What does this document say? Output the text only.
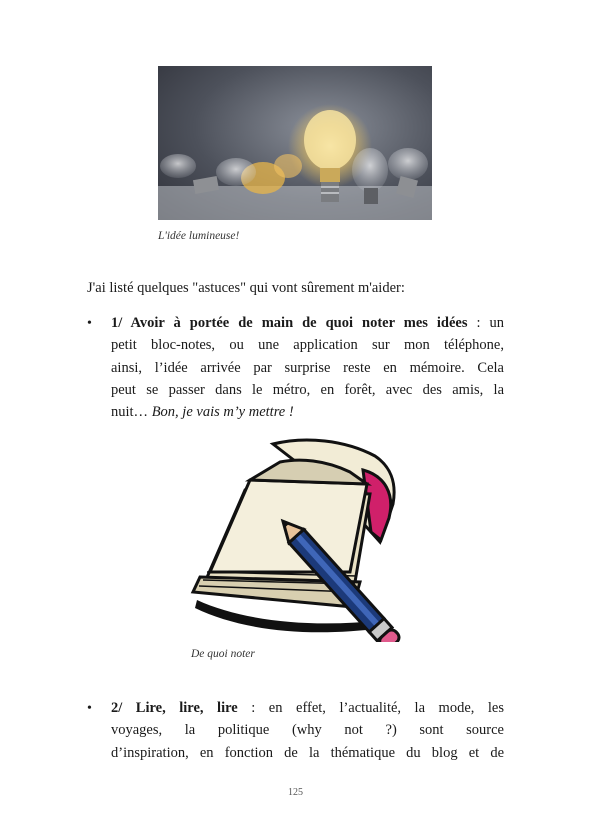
L'idée lumineuse!
J'ai listé quelques "astuces" qui vont sûrement m'aider:
• 1/ Avoir à portée de main de quoi noter mes idées : un
petit bloc-notes, ou une application sur mon téléphone,
ainsi, l’idée arrivée par surprise reste en mémoire. Cela
peut se passer dans le métro, en forêt, avec des amis, la
nuit… Bon, je vais m’y mettre !
De quoi noter
• 2/ Lire, lire, lire : en effet, l’actualité, la mode, les
voyages, la politique (why not ?) sont source
d’inspiration, en fonction de la thématique du blog et de
125
